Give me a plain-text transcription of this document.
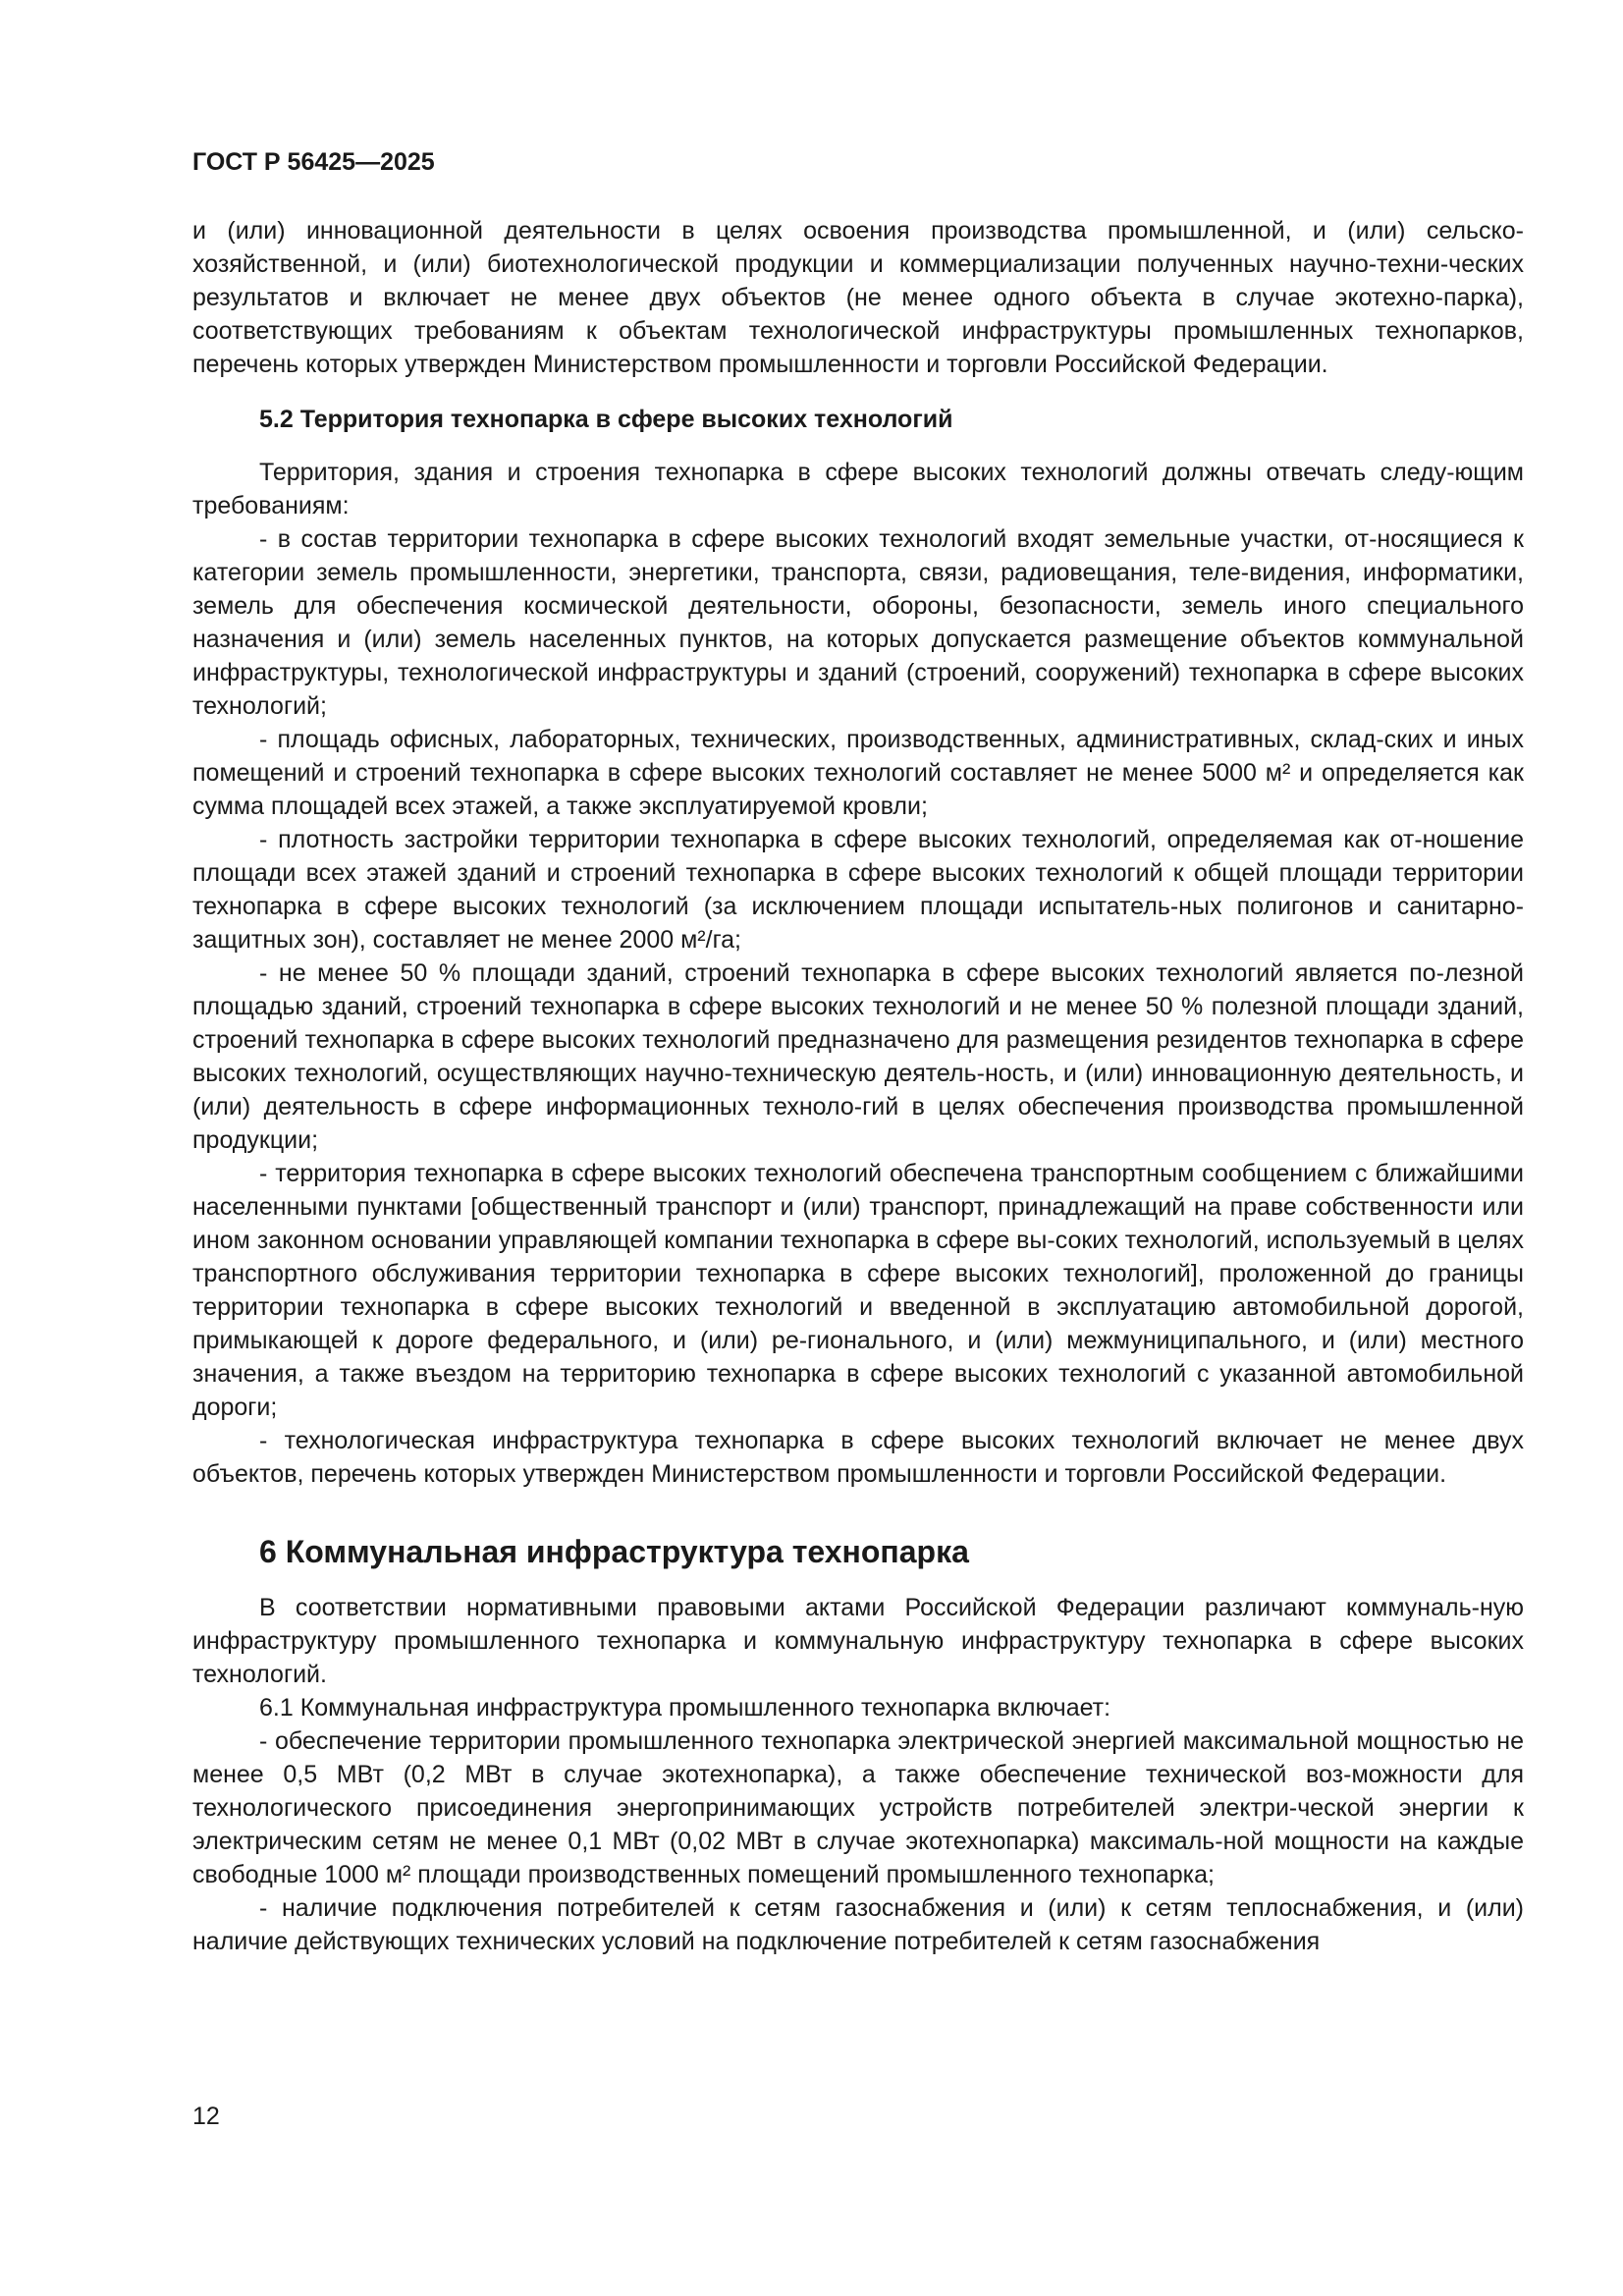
ГОСТ Р 56425—2025

и (или) инновационной деятельности в целях освоения производства промышленной, и (или) сельско-хозяйственной, и (или) биотехнологической продукции и коммерциализации полученных научно-техни-ческих результатов и включает не менее двух объектов (не менее одного объекта в случае экотехно-парка), соответствующих требованиям к объектам технологической инфраструктуры промышленных технопарков, перечень которых утвержден Министерством промышленности и торговли Российской Федерации.

5.2 Территория технопарка в сфере высоких технологий

Территория, здания и строения технопарка в сфере высоких технологий должны отвечать следу-ющим требованиям:

- в состав территории технопарка в сфере высоких технологий входят земельные участки, от-носящиеся к категории земель промышленности, энергетики, транспорта, связи, радиовещания, теле-видения, информатики, земель для обеспечения космической деятельности, обороны, безопасности, земель иного специального назначения и (или) земель населенных пунктов, на которых допускается размещение объектов коммунальной инфраструктуры, технологической инфраструктуры и зданий (строений, сооружений) технопарка в сфере высоких технологий;

- площадь офисных, лабораторных, технических, производственных, административных, склад-ских и иных помещений и строений технопарка в сфере высоких технологий составляет не менее 5000 м² и определяется как сумма площадей всех этажей, а также эксплуатируемой кровли;

- плотность застройки территории технопарка в сфере высоких технологий, определяемая как от-ношение площади всех этажей зданий и строений технопарка в сфере высоких технологий к общей площади территории технопарка в сфере высоких технологий (за исключением площади испытатель-ных полигонов и санитарно-защитных зон), составляет не менее 2000 м²/га;

- не менее 50 % площади зданий, строений технопарка в сфере высоких технологий является по-лезной площадью зданий, строений технопарка в сфере высоких технологий и не менее 50 % полезной площади зданий, строений технопарка в сфере высоких технологий предназначено для размещения резидентов технопарка в сфере высоких технологий, осуществляющих научно-техническую деятель-ность, и (или) инновационную деятельность, и (или) деятельность в сфере информационных техноло-гий в целях обеспечения производства промышленной продукции;

- территория технопарка в сфере высоких технологий обеспечена транспортным сообщением с ближайшими населенными пунктами [общественный транспорт и (или) транспорт, принадлежащий на праве собственности или ином законном основании управляющей компании технопарка в сфере вы-соких технологий, используемый в целях транспортного обслуживания территории технопарка в сфере высоких технологий], проложенной до границы территории технопарка в сфере высоких технологий и введенной в эксплуатацию автомобильной дорогой, примыкающей к дороге федерального, и (или) ре-гионального, и (или) межмуниципального, и (или) местного значения, а также въездом на территорию технопарка в сфере высоких технологий с указанной автомобильной дороги;

- технологическая инфраструктура технопарка в сфере высоких технологий включает не менее двух объектов, перечень которых утвержден Министерством промышленности и торговли Российской Федерации.

6 Коммунальная инфраструктура технопарка

В соответствии нормативными правовыми актами Российской Федерации различают коммуналь-ную инфраструктуру промышленного технопарка и коммунальную инфраструктуру технопарка в сфере высоких технологий.

6.1 Коммунальная инфраструктура промышленного технопарка включает:

- обеспечение территории промышленного технопарка электрической энергией максимальной мощностью не менее 0,5 МВт (0,2 МВт в случае экотехнопарка), а также обеспечение технической воз-можности для технологического присоединения энергопринимающих устройств потребителей электри-ческой энергии к электрическим сетям не менее 0,1 МВт (0,02 МВт в случае экотехнопарка) максималь-ной мощности на каждые свободные 1000 м² площади производственных помещений промышленного технопарка;

- наличие подключения потребителей к сетям газоснабжения и (или) к сетям теплоснабжения, и (или) наличие действующих технических условий на подключение потребителей к сетям газоснабжения

12
